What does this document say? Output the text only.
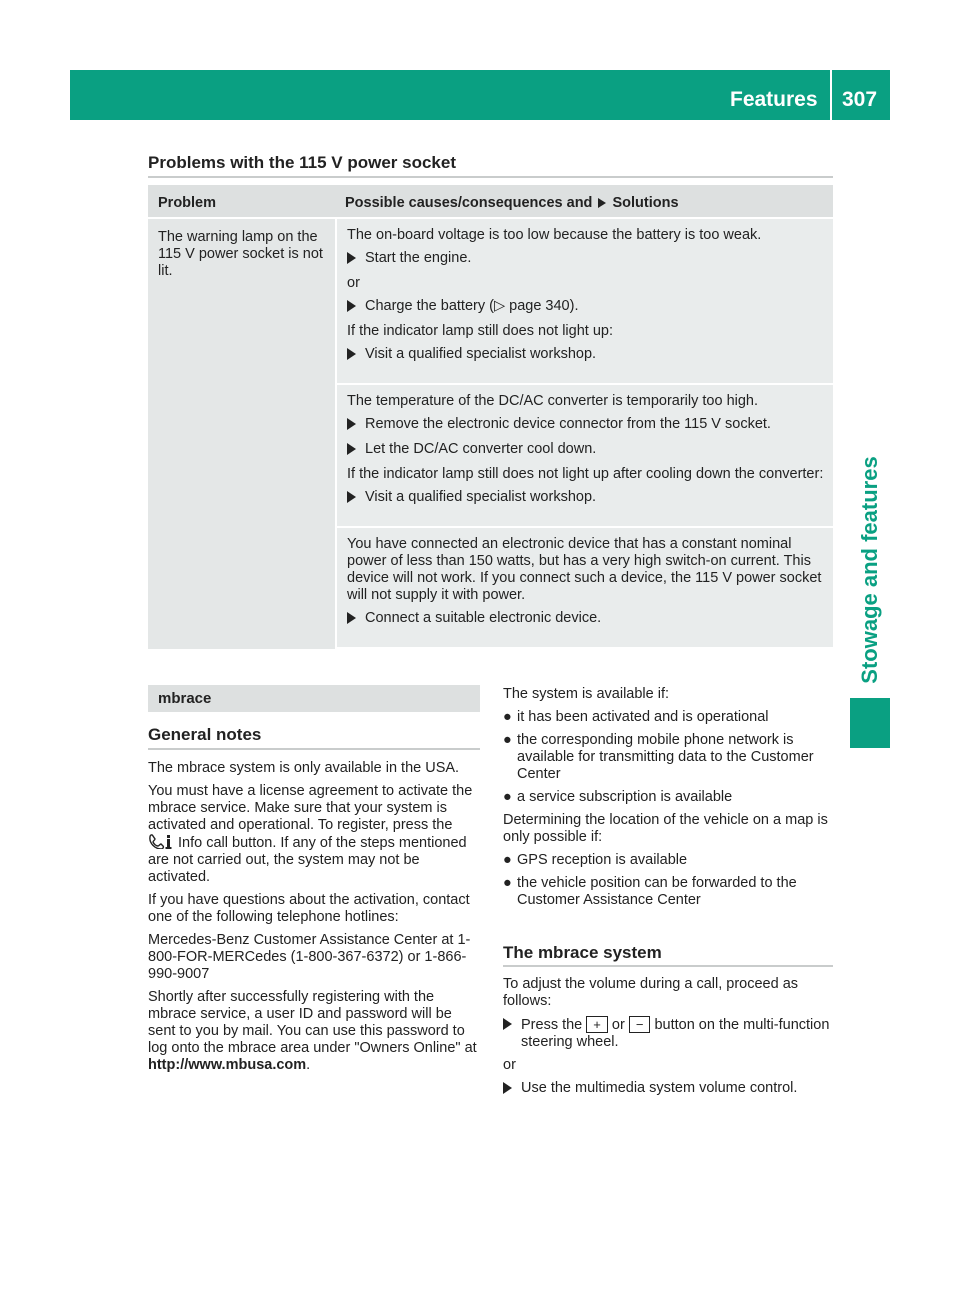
Features 307
Stowage and features
Problems with the 115 V power socket
Problem	Possible causes/consequences and Solutions
The warning lamp on the 115 V power socket is not lit.

The on-board voltage is too low because the battery is too weak.

Start the engine.

or

Charge the battery (▷ page 340).

If the indicator lamp still does not light up:

Visit a qualified specialist workshop.

The temperature of the DC/AC converter is temporarily too high.

Remove the electronic device connector from the 115 V socket.
Let the DC/AC converter cool down.

If the indicator lamp still does not light up after cooling down the converter:

Visit a qualified specialist workshop.

You have connected an electronic device that has a constant nominal power of less than 150 watts, but has a very high switch-on current. This device will not work. If you connect such a device, the 115 V power socket will not supply it with power.

Connect a suitable electronic device.
mbrace
General notes

The mbrace system is only available in the USA.

You must have a license agreement to activate the mbrace service. Make sure that your system is activated and operational. To register, press the  Info call button. If any of the steps mentioned are not carried out, the system may not be activated.

If you have questions about the activation, contact one of the following telephone hotlines:

Mercedes-Benz Customer Assistance Center at 1-800-FOR-MERCedes (1-800-367-6372) or 1-866-990-9007

Shortly after successfully registering with the mbrace service, a user ID and password will be sent to you by mail. You can use this password to log onto the mbrace area under "Owners Online" at http://www.mbusa.com.

The system is available if:

● it has been activated and is operational
● the corresponding mobile phone network is available for transmitting data to the Customer Center
● a service subscription is available

Determining the location of the vehicle on a map is only possible if:

● GPS reception is available
● the vehicle position can be forwarded to the Customer Assistance Center
The mbrace system

To adjust the volume during a call, proceed as follows:

Press the + or − button on the multi-function steering wheel.

or

Use the multimedia system volume control.
